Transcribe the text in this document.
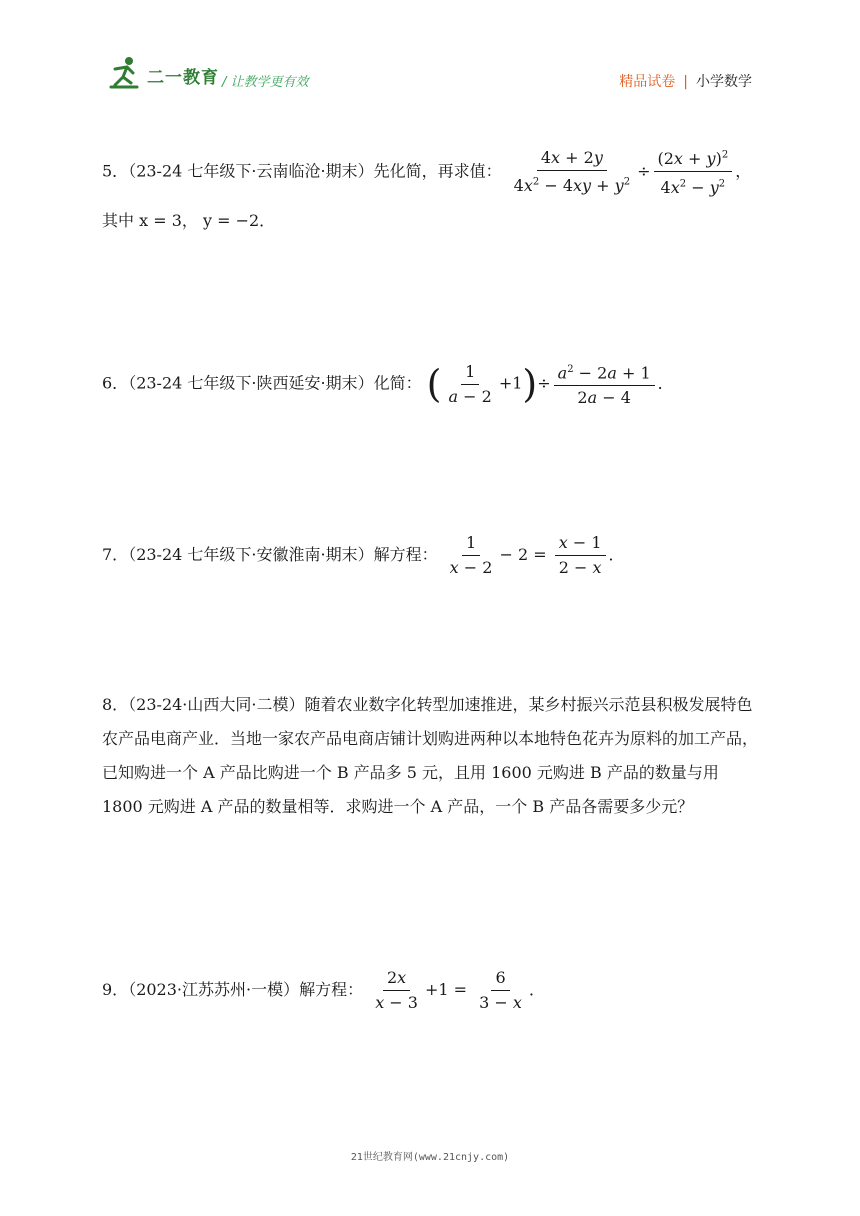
二一教育 / 让教学更有效	精品试卷 | 小学数学
5．（23-24 七年级下·云南临沧·期末）先化简，再求值： $\frac{4x + 2y}{4x^2 - 4xy + y^2} \div \frac{(2x + y)^2}{4x^2 - y^2}$ ，
其中 x = 3， y = −2．
6．（23-24 七年级下·陕西延安·期末）化简： ( $\frac{1}{a - 2} +1)\div \frac{a^2 - 2a + 1}{2a - 4}$ ．
7．（23-24 七年级下·安徽淮南·期末）解方程： $\frac{1}{x - 2} - 2 = \frac{x - 1}{2 - x}$ ．
8．（23-24·山西大同·二模）随着农业数字化转型加速推进，某乡村振兴示范县积极发展特色农产品电商产业．当地一家农产品电商店铺计划购进两种以本地特色花卉为原料的加工产品，已知购进一个 A 产品比购进一个 B 产品多 5 元，且用 1600 元购进 B 产品的数量与用 1800 元购进 A 产品的数量相等．求购进一个 A 产品，一个 B 产品各需要多少元？
9．（2023·江苏苏州·一模）解方程： $\frac{2x}{x - 3} +1 = \frac{6}{3 - x}$ ．
21世纪教育网(www.21cnjy.com)
